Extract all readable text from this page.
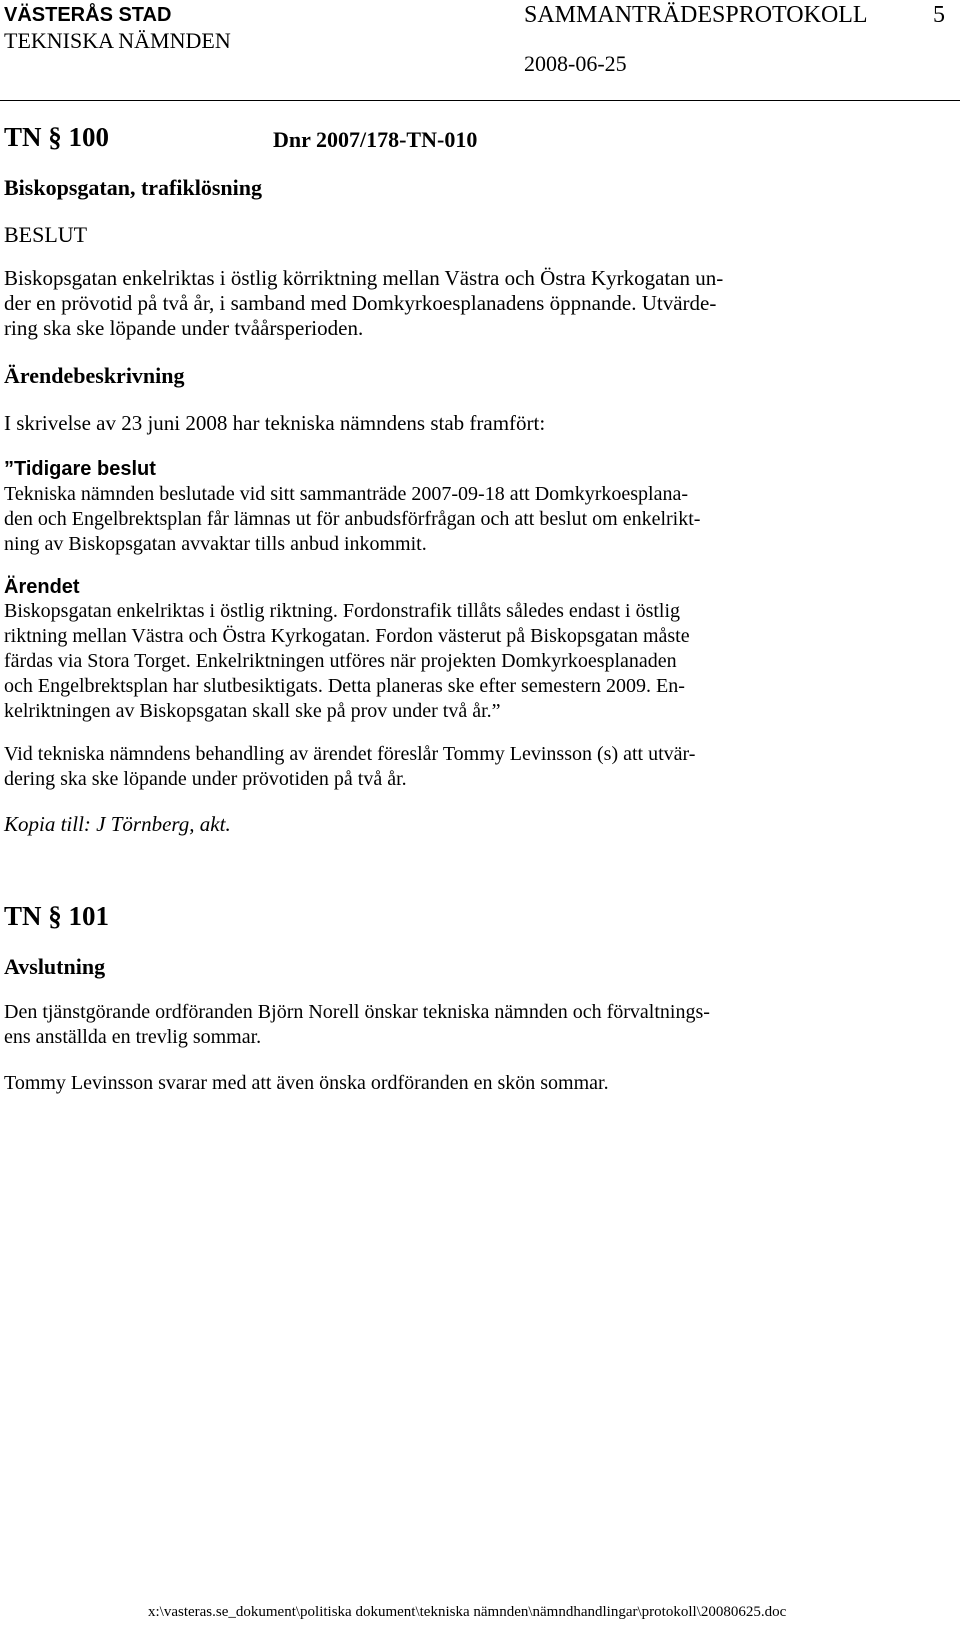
VÄSTERÅS STAD
TEKNISKA NÄMNDEN
SAMMANTRÄDESPROTOKOLL	5
2008-06-25
TN § 100	Dnr 2007/178-TN-010
Biskopsgatan, trafiklösning
BESLUT
Biskopsgatan enkelriktas i östlig körriktning mellan Västra och Östra Kyrkogatan un-
der en prövotid på två år, i samband med Domkyrkoesplanadens öppnande. Utvärde-
ring ska ske löpande under tvåårsperioden.
Ärendebeskrivning
I skrivelse av 23 juni 2008 har tekniska nämndens stab framfört:
”Tidigare beslut
Tekniska nämnden beslutade vid sitt sammanträde 2007-09-18 att Domkyrkoesplana-
den och Engelbrektsplan får lämnas ut för anbudsförfrågan och att beslut om enkelrikt-
ning av Biskopsgatan avvaktar tills anbud inkommit.
Ärendet
Biskopsgatan enkelriktas i östlig riktning. Fordonstrafik tillåts således endast i östlig
riktning mellan Västra och Östra Kyrkogatan. Fordon västerut på Biskopsgatan måste
färdas via Stora Torget. Enkelriktningen utföres när projekten Domkyrkoesplanaden
och Engelbrektsplan har slutbesiktigats. Detta planeras ske efter semestern 2009. En-
kelriktningen av Biskopsgatan skall ske på prov under två år.”
Vid tekniska nämndens behandling av ärendet föreslår Tommy Levinsson (s) att utvär-
dering ska ske löpande under prövotiden på två år.
Kopia till: J Törnberg, akt.
TN § 101
Avslutning
Den tjänstgörande ordföranden Björn Norell önskar tekniska nämnden och förvaltnings-
ens anställda en trevlig sommar.
Tommy Levinsson svarar med att även önska ordföranden en skön sommar.
x:\vasteras.se_dokument\politiska dokument\tekniska nämnden\nämndhandlingar\protokoll\20080625.doc
